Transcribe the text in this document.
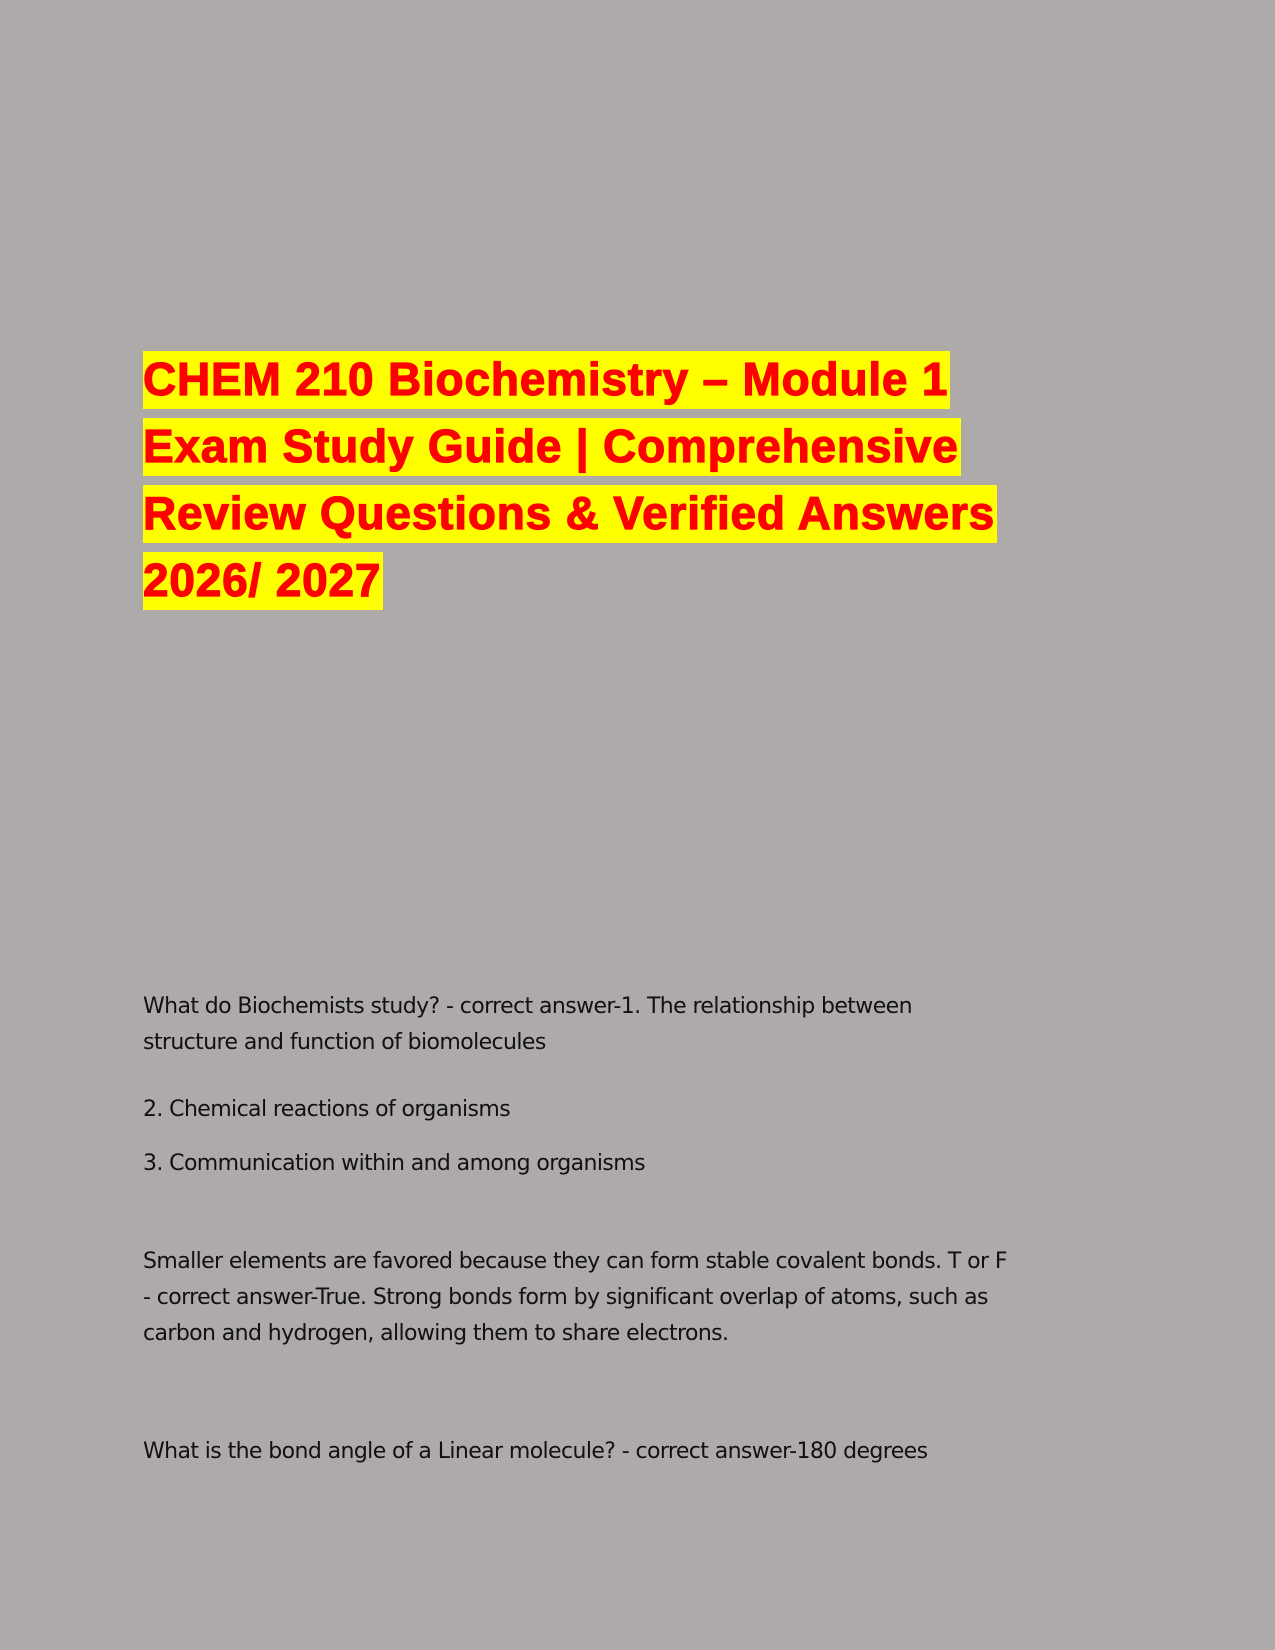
CHEM 210 Biochemistry – Module 1
Exam Study Guide | Comprehensive
Review Questions & Verified Answers
2026/ 2027
What do Biochemists study? - correct answer-1. The relationship between
structure and function of biomolecules
2. Chemical reactions of organisms
3. Communication within and among organisms
Smaller elements are favored because they can form stable covalent bonds. T or F
- correct answer-True. Strong bonds form by significant overlap of atoms, such as
carbon and hydrogen, allowing them to share electrons.
What is the bond angle of a Linear molecule? - correct answer-180 degrees
